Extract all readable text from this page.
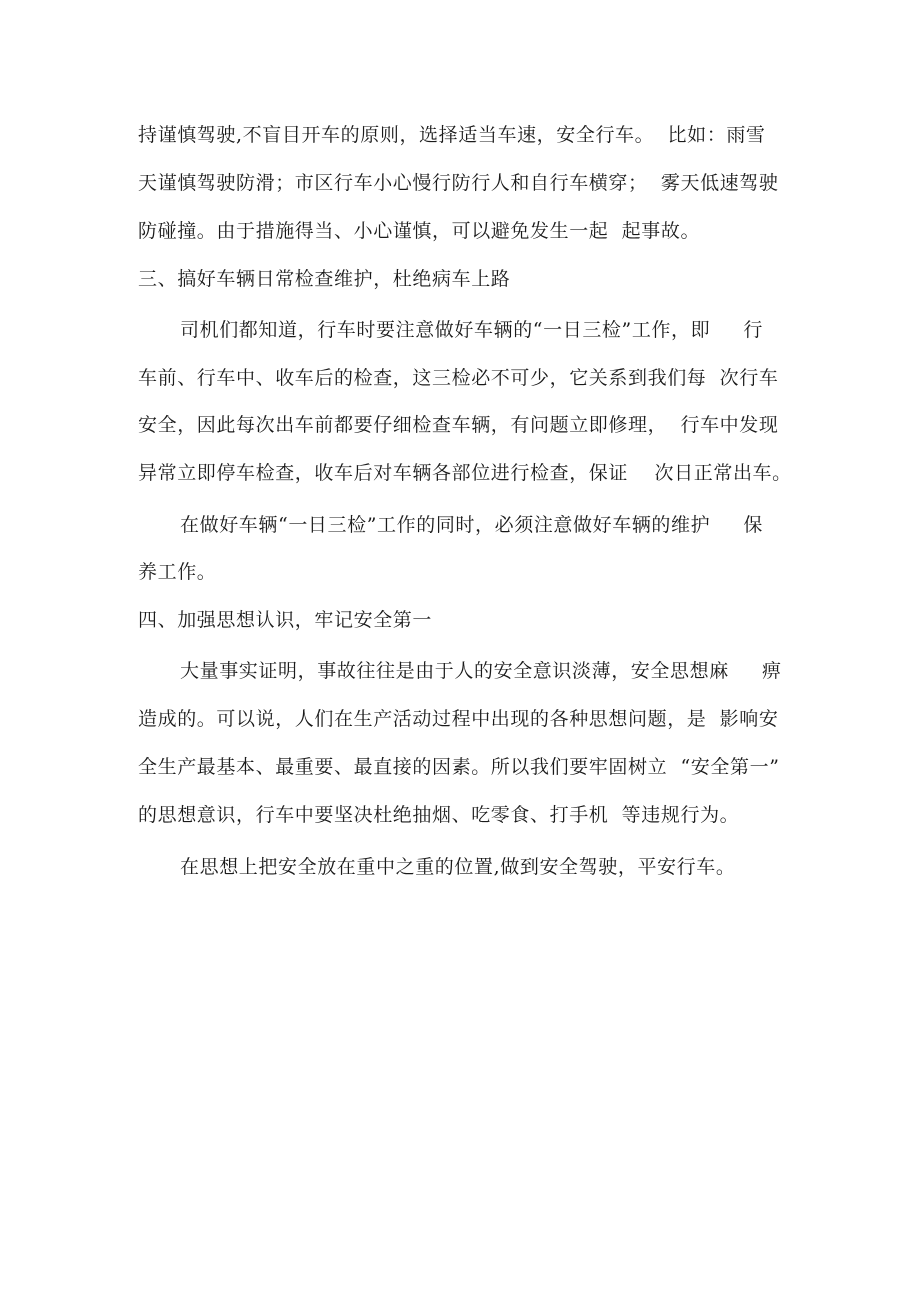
持谨慎驾驶,不盲目开车的原则，选择适当车速，安全行车。  比如：雨雪
天谨慎驾驶防滑；市区行车小心慢行防行人和自行车横穿；  雾天低速驾驶
防碰撞。由于措施得当、小心谨慎，可以避免发生一起  起事故。
三、搞好车辆日常检查维护，杜绝病车上路
司机们都知道，行车时要注意做好车辆的“一日三检”工作，即     行
车前、行车中、收车后的检查，这三检必不可少，它关系到我们每  次行车
安全，因此每次出车前都要仔细检查车辆，有问题立即修理，  行车中发现
异常立即停车检查，收车后对车辆各部位进行检查，保证    次日正常出车。
在做好车辆“一日三检”工作的同时，必须注意做好车辆的维护     保
养工作。
四、加强思想认识，牢记安全第一
大量事实证明，事故往往是由于人的安全意识淡薄，安全思想麻     痹
造成的。可以说，人们在生产活动过程中出现的各种思想问题，是  影响安
全生产最基本、最重要、最直接的因素。所以我们要牢固树立  “安全第一”
的思想意识，行车中要坚决杜绝抽烟、吃零食、打手机  等违规行为。
在思想上把安全放在重中之重的位置,做到安全驾驶，平安行车。
